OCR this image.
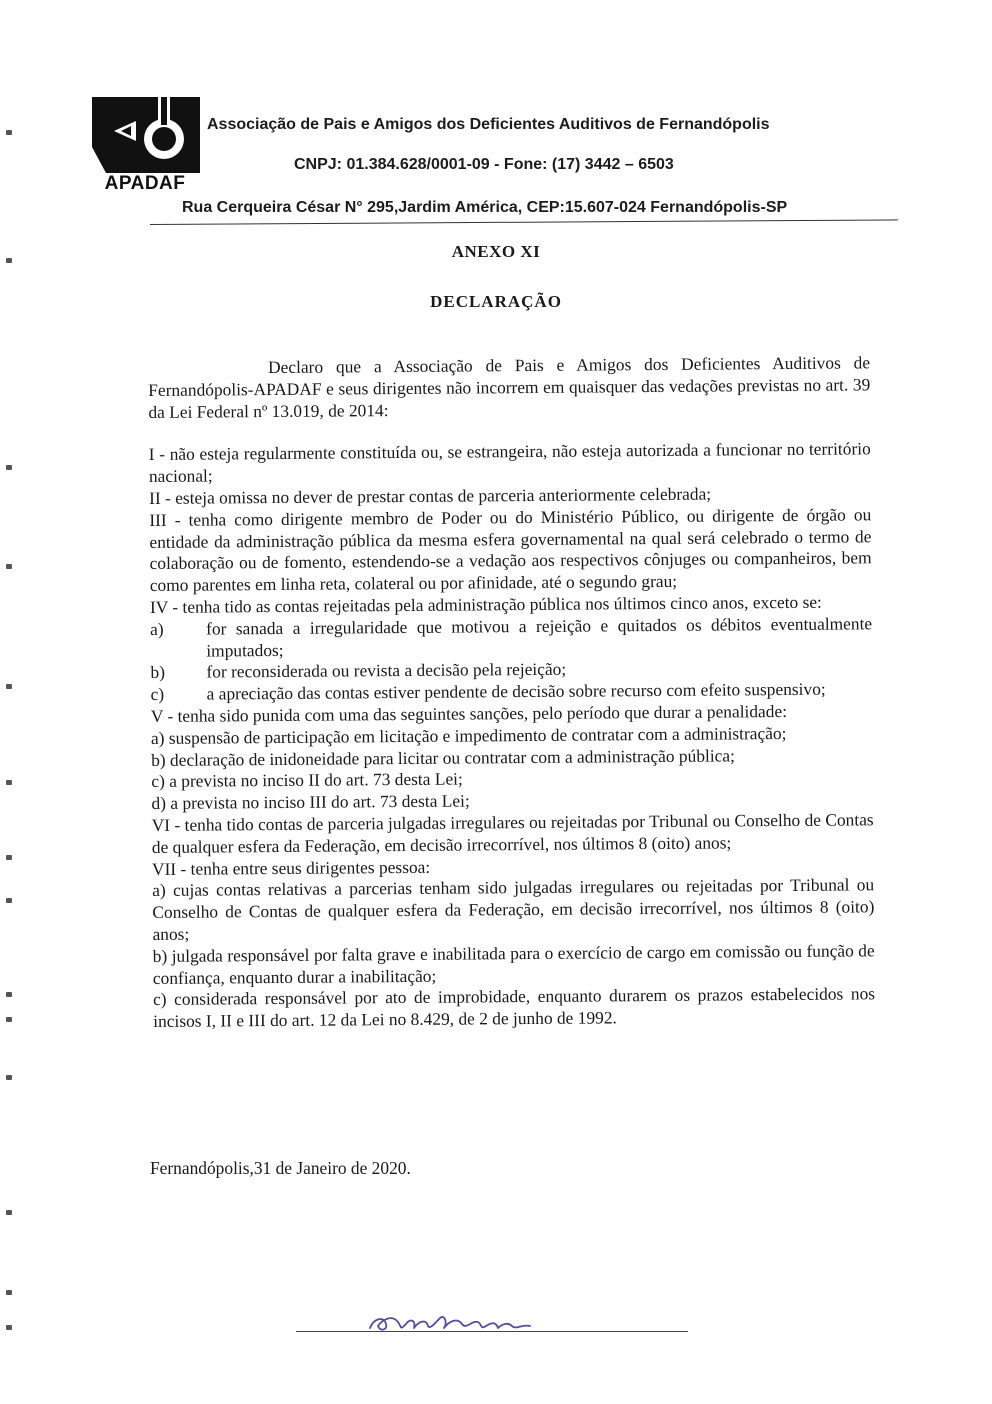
APADAF
Associação de Pais e Amigos dos Deficientes Auditivos de Fernandópolis
CNPJ: 01.384.628/0001-09 - Fone: (17) 3442 – 6503
Rua Cerqueira César N° 295,Jardim América, CEP:15.607-024 Fernandópolis-SP
ANEXO XI
DECLARAÇÃO

Declaro que a Associação de Pais e Amigos dos Deficientes Auditivos de Fernandópolis-APADAF e seus dirigentes não incorrem em quaisquer das vedações previstas no art. 39 da Lei Federal nº 13.019, de 2014:

I - não esteja regularmente constituída ou, se estrangeira, não esteja autorizada a funcionar no território nacional;

II - esteja omissa no dever de prestar contas de parceria anteriormente celebrada;

III - tenha como dirigente membro de Poder ou do Ministério Público, ou dirigente de órgão ou entidade da administração pública da mesma esfera governamental na qual será celebrado o termo de colaboração ou de fomento, estendendo-se a vedação aos respectivos cônjuges ou companheiros, bem como parentes em linha reta, colateral ou por afinidade, até o segundo grau;

IV - tenha tido as contas rejeitadas pela administração pública nos últimos cinco anos, exceto se:

a)	for sanada a irregularidade que motivou a rejeição e quitados os débitos eventualmente imputados;
b)	for reconsiderada ou revista a decisão pela rejeição;
c)	a apreciação das contas estiver pendente de decisão sobre recurso com efeito suspensivo;

V - tenha sido punida com uma das seguintes sanções, pelo período que durar a penalidade:

a) suspensão de participação em licitação e impedimento de contratar com a administração;

b) declaração de inidoneidade para licitar ou contratar com a administração pública;

c) a prevista no inciso II do art. 73 desta Lei;

d) a prevista no inciso III do art. 73 desta Lei;

VI - tenha tido contas de parceria julgadas irregulares ou rejeitadas por Tribunal ou Conselho de Contas de qualquer esfera da Federação, em decisão irrecorrível, nos últimos 8 (oito) anos;

VII - tenha entre seus dirigentes pessoa:

a) cujas contas relativas a parcerias tenham sido julgadas irregulares ou rejeitadas por Tribunal ou Conselho de Contas de qualquer esfera da Federação, em decisão irrecorrível, nos últimos 8 (oito) anos;

b) julgada responsável por falta grave e inabilitada para o exercício de cargo em comissão ou função de confiança, enquanto durar a inabilitação;

c) considerada responsável por ato de improbidade, enquanto durarem os prazos estabelecidos nos incisos I, II e III do art. 12 da Lei no 8.429, de 2 de junho de 1992.

Fernandópolis,31 de Janeiro de 2020.
